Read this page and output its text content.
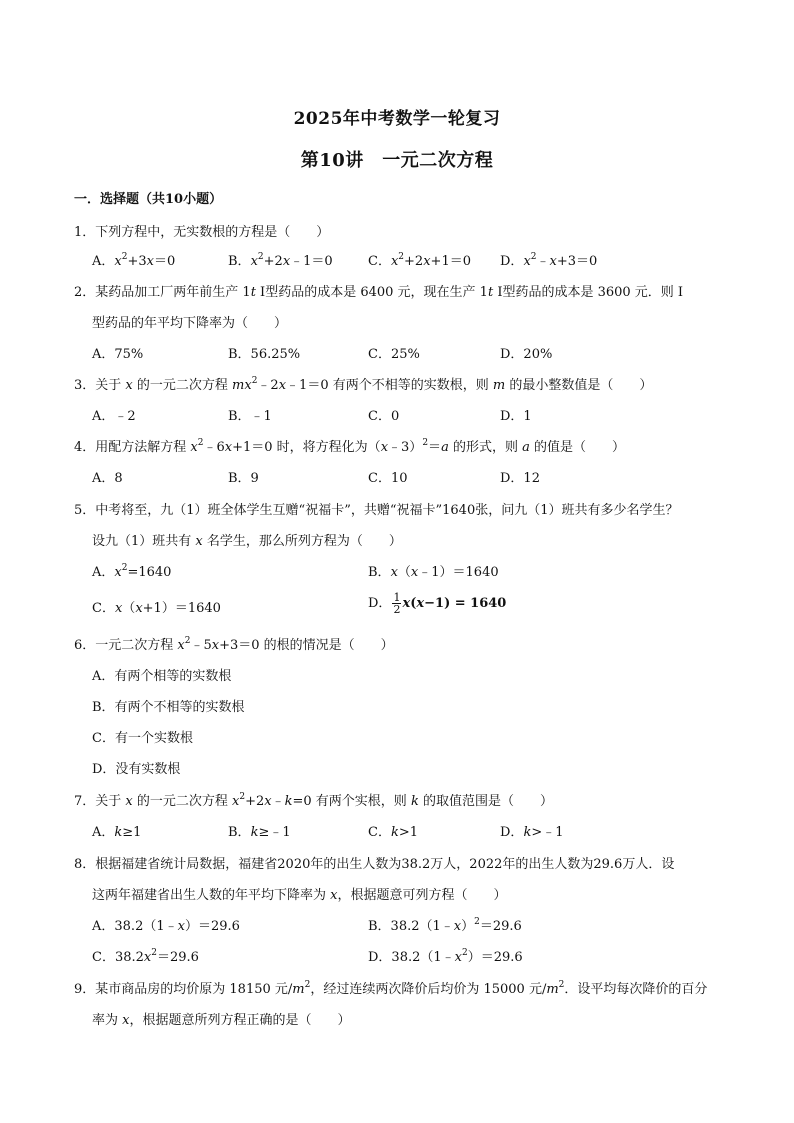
2025年中考数学一轮复习
第10讲　一元二次方程
一．选择题（共10小题）
1．下列方程中，无实数根的方程是（　　）
A．$x^2+3x=0$	B．$x^2+2x﹣1=0$	C．$x^2+2x+1=0$ D．$x^2﹣x+3=0$
2．某药品加工厂两年前生产 1t Ⅰ型药品的成本是 6400 元，现在生产 1t Ⅰ型药品的成本是 3600 元．则 Ⅰ
型药品的年平均下降率为（　　）
A．75%	B．56.25%	C．25%	D．20%
3．关于 x 的一元二次方程 $mx^2﹣2x﹣1=0$ 有两个不相等的实数根，则 m 的最小整数值是（　　）
A．﹣2	B．﹣1	C．0	D．1
4．用配方法解方程 $x^2﹣6x+1=0$ 时，将方程化为（x﹣3）$^2$＝a 的形式，则 a 的值是（　　）
A．8	B．9	C．10	D．12
5．中考将至，九（1）班全体学生互赠“祝福卡”，共赠“祝福卡”1640张，问九（1）班共有多少名学生？
设九（1）班共有 x 名学生，那么所列方程为（　　）
A．$x^2=1640$	B．x（x﹣1）＝1640
C．x（x+1）＝1640	D． $\frac{1}{2} x(x-1) = 1640$
6．一元二次方程 $x^2﹣5x+3=0$ 的根的情况是（　　）
A．有两个相等的实数根
B．有两个不相等的实数根
C．有一个实数根
D．没有实数根
7．关于 x 的一元二次方程 $x^2+2x﹣k=0$ 有两个实根，则 k 的取值范围是（　　）
A．k≥1	B．k≥﹣1	C．k>1	D．k>﹣1
8．根据福建省统计局数据，福建省2020年的出生人数为38.2万人，2022年的出生人数为29.6万人．设
这两年福建省出生人数的年平均下降率为 x，根据题意可列方程（　　）
A．38.2（1﹣x）＝29.6	B．38.2（1﹣x）$^2$＝29.6
C．$38.2x^2=29.6$	D．$38.2(1﹣x^2)=29.6$
9．某市商品房的均价原为 18150 元$/m^2$，经过连续两次降价后均价为 15000 元$/m^2$．设平均每次降价的百分
率为 x，根据题意所列方程正确的是（　　）
